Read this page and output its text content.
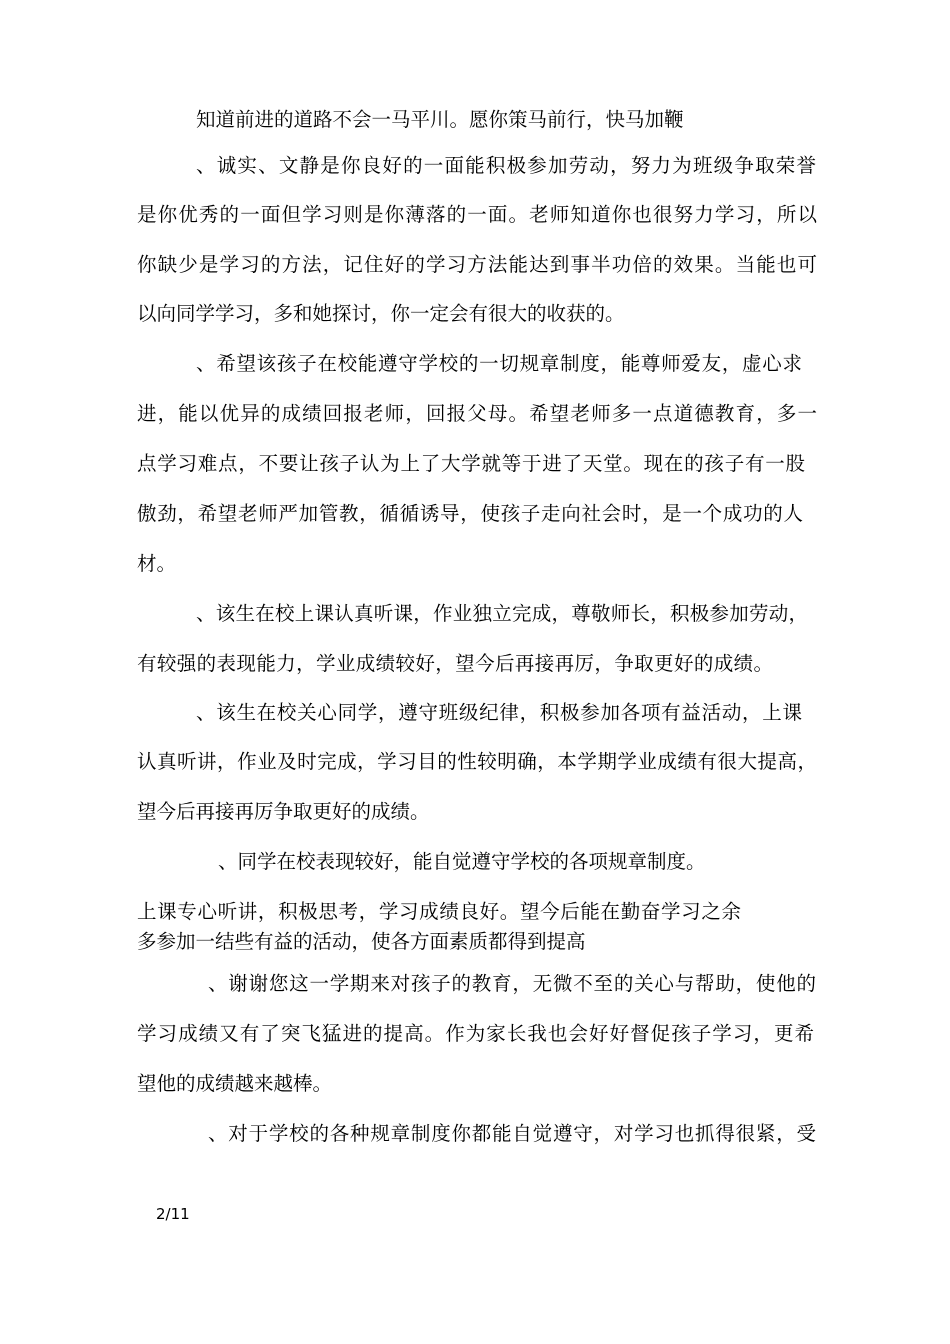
知道前进的道路不会一马平川。愿你策马前行，快马加鞭
、诚实、文静是你良好的一面能积极参加劳动，努力为班级争取荣誉
是你优秀的一面但学习则是你薄落的一面。老师知道你也很努力学习，所以
你缺少是学习的方法，记住好的学习方法能达到事半功倍的效果。当能也可
以向同学学习，多和她探讨，你一定会有很大的收获的。
、希望该孩子在校能遵守学校的一切规章制度，能尊师爱友，虚心求
进，能以优异的成绩回报老师，回报父母。希望老师多一点道德教育，多一
点学习难点，不要让孩子认为上了大学就等于进了天堂。现在的孩子有一股
傲劲，希望老师严加管教，循循诱导，使孩子走向社会时，是一个成功的人
材。
、该生在校上课认真听课，作业独立完成，尊敬师长，积极参加劳动，
有较强的表现能力，学业成绩较好，望今后再接再厉，争取更好的成绩。
、该生在校关心同学，遵守班级纪律，积极参加各项有益活动，上课
认真听讲，作业及时完成，学习目的性较明确，本学期学业成绩有很大提高，
望今后再接再厉争取更好的成绩。
、同学在校表现较好，能自觉遵守学校的各项规章制度。
上课专心听讲，积极思考，学习成绩良好。望今后能在勤奋学习之余
多参加一结些有益的活动，使各方面素质都得到提高
、谢谢您这一学期来对孩子的教育，无微不至的关心与帮助，使他的
学习成绩又有了突飞猛进的提高。作为家长我也会好好督促孩子学习，更希
望他的成绩越来越棒。
、对于学校的各种规章制度你都能自觉遵守，对学习也抓得很紧，受
2/11
